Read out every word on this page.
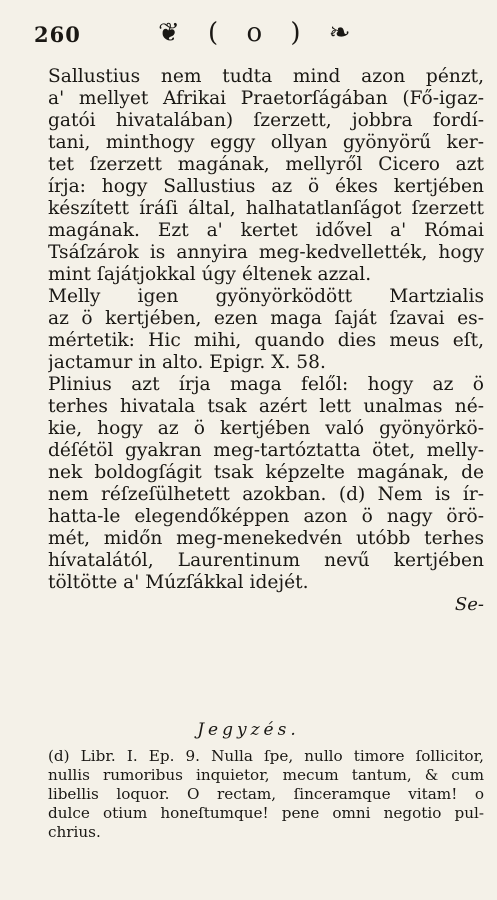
260	❦ ( o ) ❧
Sallustius nem tudta mind azon pénzt,
a' mellyet Afrikai Praetorſágában (Fő-igaz-
gatói hivatalában) ſzerzett, jobbra fordí-
tani, minthogy eggy ollyan gyönyörű ker-
tet ſzerzett magának, mellyről Cicero azt
írja: hogy Sallustius az ö ékes kertjében
készített íráſi által, halhatatlanſágot ſzerzett
magának. Ezt a' kertet idővel a' Római
Tsáſzárok is annyira meg-kedvellették, hogy
mint ſajátjokkal úgy éltenek azzal.
Melly igen gyönyörködött Martzialis
az ö kertjében, ezen maga ſaját ſzavai es-
mértetik: Hic mihi, quando dies meus eſt,
jactamur in alto. Epigr. X. 58.
Plinius azt írja maga felől: hogy az ö
terhes hivatala tsak azért lett unalmas né-
kie, hogy az ö kertjében való gyönyörkö-
déſétöl gyakran meg-tartóztatta ötet, melly-
nek boldogſágit tsak képzelte magának, de
nem réſzeſülhetett azokban. (d) Nem is ír-
hatta-le elegendőképpen azon ö nagy örö-
mét, midőn meg-menekedvén utóbb terhes
hívatalától, Laurentinum nevű kertjében
töltötte a' Múzſákkal idejét.
Se-
Jegyzés.
(d) Libr. I. Ep. 9. Nulla ſpe, nullo timore ſollicitor,
nullis rumoribus inquietor, mecum tantum, & cum
libellis loquor. O rectam, ſinceramque vitam! o
dulce otium honeſtumque! pene omni negotio pul-
chrius.
